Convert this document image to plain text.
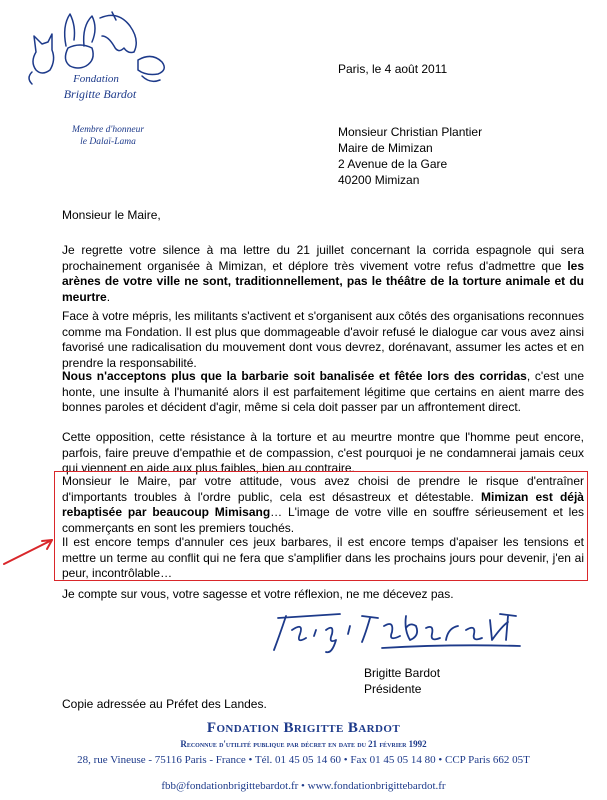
Fondation
Brigitte Bardot
Membre d'honneur
le Dalaï-Lama
Paris, le 4 août 2011
Monsieur Christian Plantier
Maire de Mimizan
2 Avenue de la Gare
40200 Mimizan
Monsieur le Maire,

Je regrette votre silence à ma lettre du 21 juillet concernant la corrida espagnole qui sera prochainement organisée à Mimizan, et déplore très vivement votre refus d'admettre que les arènes de votre ville ne sont, traditionnellement, pas le théâtre de la torture animale et du meurtre.

Face à votre mépris, les militants s'activent et s'organisent aux côtés des organisations reconnues comme ma Fondation. Il est plus que dommageable d'avoir refusé le dialogue car vous avez ainsi favorisé une radicalisation du mouvement dont vous devrez, dorénavant, assumer les actes et en prendre la responsabilité.

Nous n'acceptons plus que la barbarie soit banalisée et fêtée lors des corridas, c'est une honte, une insulte à l'humanité alors il est parfaitement légitime que certains en aient marre des bonnes paroles et décident d'agir, même si cela doit passer par un affrontement direct.

Cette opposition, cette résistance à la torture et au meurtre montre que l'homme peut encore, parfois, faire preuve d'empathie et de compassion, c'est pourquoi je ne condamnerai jamais ceux qui viennent en aide aux plus faibles, bien au contraire.

Monsieur le Maire, par votre attitude, vous avez choisi de prendre le risque d'entraîner d'importants troubles à l'ordre public, cela est désastreux et détestable. Mimizan est déjà rebaptisée par beaucoup Mimisang… L'image de votre ville en souffre sérieusement et les commerçants en sont les premiers touchés.

Il est encore temps d'annuler ces jeux barbares, il est encore temps d'apaiser les tensions et mettre un terme au conflit qui ne fera que s'amplifier dans les prochains jours pour devenir, j'en ai peur, incontrôlable…

Je compte sur vous, votre sagesse et votre réflexion, ne me décevez pas.

Brigitte Bardot
Présidente
Copie adressée au Préfet des Landes.
Fondation Brigitte Bardot
Reconnue d'utilité publique par décret en date du 21 février 1992
28, rue Vineuse - 75116 Paris - France • Tél. 01 45 05 14 60 • Fax 01 45 05 14 80 • CCP Paris 662 05T
fbb@fondationbrigittebardot.fr • www.fondationbrigittebardot.fr
